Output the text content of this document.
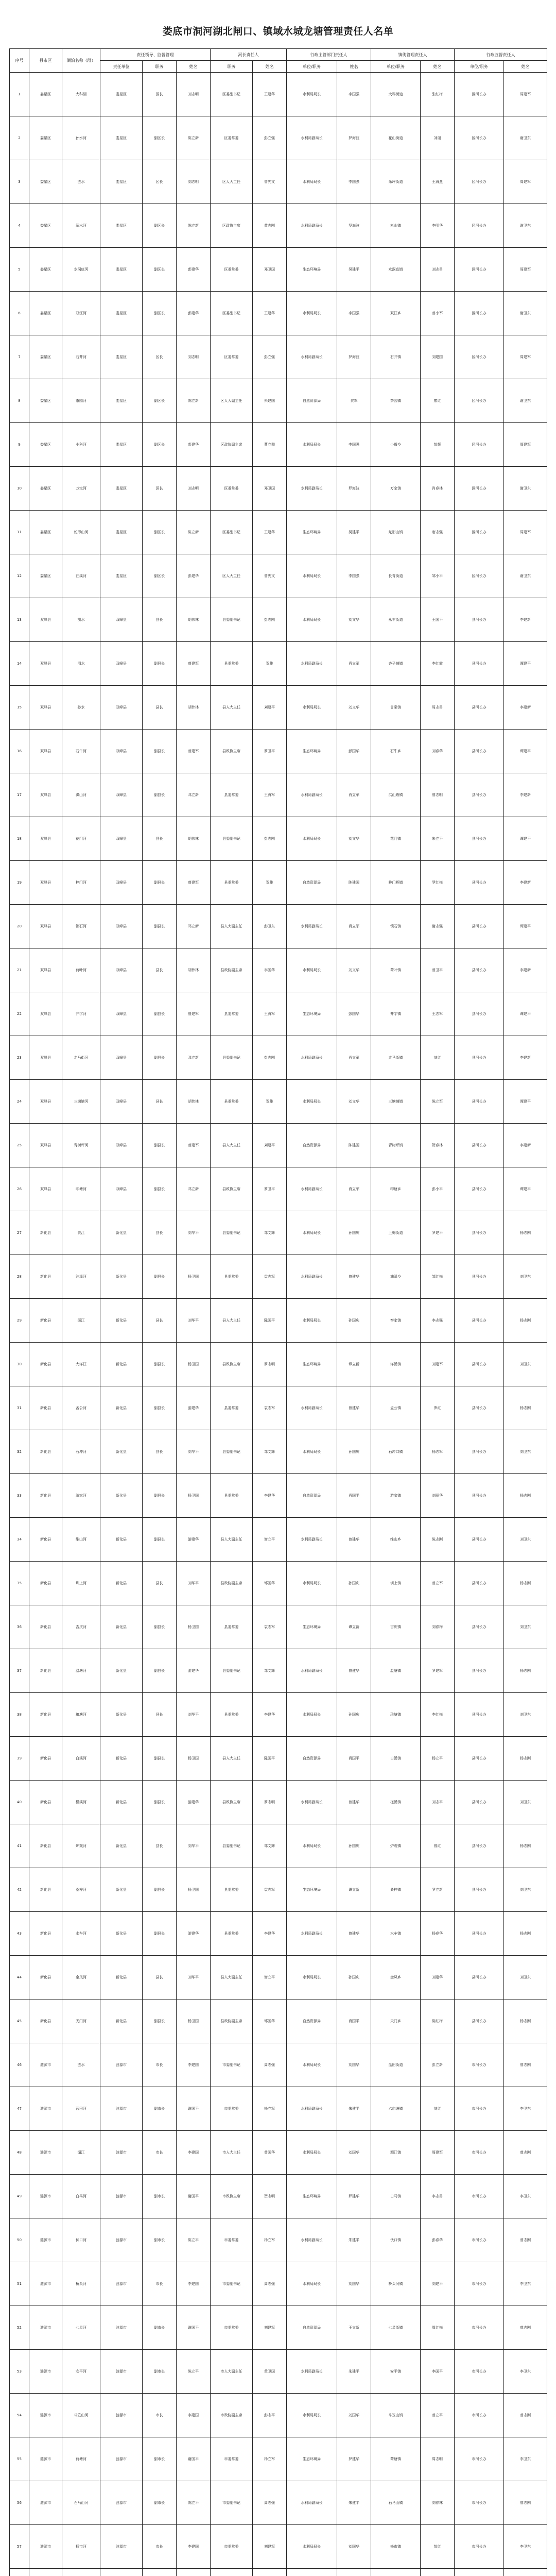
娄底市洞河湖北闸口、镇域水城龙塘管理责任人名单
序号	县市区	湖泊名称（段）	责任领导、监督管理			河长责任人		行政主管部门责任人		镇街管理责任人		行政监督责任人	
			责任单位	职务	姓名	职务	姓名	单位/职务	姓名	单位/职务	姓名	单位/职务	姓名
1	娄星区	大科湖	娄星区	区长	刘志明	区委副书记	王建华	水利局局长	李国强	大科街道	张红梅	区河长办	周建军
2	娄星区	孙水河	娄星区	副区长	陈立新	区委常委	彭立强	水利局副局长	罗海波	花山街道	刘丽	区河长办	谢卫东
3	娄星区	涟水	娄星区	区长	刘志明	区人大主任	曾宪文	水利局局长	李国强	乐坪街道	王海燕	区河长办	周建军
4	娄星区	湄水河	娄星区	副区长	陈立新	区政协主席	黄志刚	水利局副局长	罗海波	杉山镇	李明华	区河长办	谢卫东
5	娄星区	水洞底河	娄星区	副区长	彭建华	区委常委	邓卫国	生态环境局	吴建平	水洞底镇	刘志勇	区河长办	周建军
6	娄星区	双江河	娄星区	副区长	彭建华	区委副书记	王建华	水利局局长	李国强	双江乡	曾小军	区河长办	谢卫东
7	娄星区	石井河	娄星区	区长	刘志明	区委常委	彭立强	水利局副局长	罗海波	石井镇	刘建国	区河长办	周建军
8	娄星区	茶园河	娄星区	副区长	陈立新	区人大副主任	朱建国	自然资源局	贺军	茶园镇	廖红	区河长办	谢卫东
9	娄星区	小科河	娄星区	副区长	彭建华	区政协副主席	曹立群	水利局局长	李国强	小碧乡	彭辉	区河长办	周建军
10	娄星区	万宝河	娄星区	区长	刘志明	区委常委	邓卫国	水利局副局长	罗海波	万宝镇	肖春林	区河长办	谢卫东
11	娄星区	蛇形山河	娄星区	副区长	陈立新	区委副书记	王建华	生态环境局	吴建平	蛇形山镇	唐志强	区河长办	周建军
12	娄星区	油溪河	娄星区	副区长	彭建华	区人大主任	曾宪文	水利局局长	李国强	长青街道	邹小平	区河长办	谢卫东
13	双峰县	测水	双峰县	县长	胡伟林	县委副书记	彭志刚	水利局局长	刘文华	永丰街道	王国平	县河长办	李建新
14	双峰县	涓水	双峰县	副县长	曾建军	县委常委	贺雄	水利局副局长	肖立军	杏子铺镇	李红霞	县河长办	谭建平
15	双峰县	孙水	双峰县	县长	胡伟林	县人大主任	刘建平	水利局局长	刘文华	甘棠镇	周志勇	县河长办	李建新
16	双峰县	石牛河	双峰县	副县长	曾建军	县政协主席	罗卫平	生态环境局	彭国华	石牛乡	刘春华	县河长办	谭建平
17	双峰县	洪山河	双峰县	副县长	邓立新	县委常委	王海军	水利局副局长	肖立军	洪山殿镇	曾志明	县河长办	李建新
18	双峰县	花门河	双峰县	县长	胡伟林	县委副书记	彭志刚	水利局局长	刘文华	花门镇	朱立平	县河长办	谭建平
19	双峰县	梓门河	双峰县	副县长	曾建军	县委常委	贺雄	自然资源局	陈建国	梓门桥镇	罗红梅	县河长办	李建新
20	双峰县	锁石河	双峰县	副县长	邓立新	县人大副主任	彭卫东	水利局副局长	肖立军	锁石镇	谢志强	县河长办	谭建平
21	双峰县	荷叶河	双峰县	县长	胡伟林	县政协副主席	李国华	水利局局长	刘文华	荷叶镇	曾卫平	县河长办	李建新
22	双峰县	井字河	双峰县	副县长	曾建军	县委常委	王海军	生态环境局	彭国华	井字镇	王志军	县河长办	谭建平
23	双峰县	走马街河	双峰县	副县长	邓立新	县委副书记	彭志刚	水利局副局长	肖立军	走马街镇	刘红	县河长办	李建新
24	双峰县	三塘铺河	双峰县	县长	胡伟林	县委常委	贺雄	水利局局长	刘文华	三塘铺镇	陈立军	县河长办	谭建平
25	双峰县	青树坪河	双峰县	副县长	曾建军	县人大主任	刘建平	自然资源局	陈建国	青树坪镇	贺春林	县河长办	李建新
26	双峰县	印塘河	双峰县	副县长	邓立新	县政协主席	罗卫平	水利局副局长	肖立军	印塘乡	彭小平	县河长办	谭建平
27	新化县	资江	新化县	县长	刘华平	县委副书记	邹文辉	水利局局长	孙国庆	上梅街道	罗建平	县河长办	杨志刚
28	新化县	油溪河	新化县	副县长	杨卫国	县委常委	袁志军	水利局副局长	曾建华	油溪乡	邹红梅	县河长办	刘卫东
29	新化县	渠江	新化县	县长	刘华平	县人大主任	陈国平	水利局局长	孙国庆	奉家镇	李志强	县河长办	杨志刚
30	新化县	大洋江	新化县	副县长	杨卫国	县政协主席	罗志明	生态环境局	谭立新	洋溪镇	刘建军	县河长办	刘卫东
31	新化县	孟公河	新化县	副县长	游建华	县委常委	袁志军	水利局副局长	曾建华	孟公镇	罗红	县河长办	杨志刚
32	新化县	石冲河	新化县	县长	刘华平	县委副书记	邹文辉	水利局局长	孙国庆	石冲口镇	杨志军	县河长办	刘卫东
33	新化县	游家河	新化县	副县长	杨卫国	县委常委	李建华	自然资源局	肖国平	游家镇	刘丽华	县河长办	杨志刚
34	新化县	维山河	新化县	副县长	游建华	县人大副主任	谢立平	水利局副局长	曾建华	维山乡	陈志刚	县河长办	刘卫东
35	新化县	圳上河	新化县	县长	刘华平	县政协副主席	邹国华	水利局局长	孙国庆	圳上镇	曾立军	县河长办	杨志刚
36	新化县	吉庆河	新化县	副县长	杨卫国	县委常委	袁志军	生态环境局	谭立新	吉庆镇	刘春梅	县河长办	刘卫东
37	新化县	温塘河	新化县	副县长	游建华	县委副书记	邹文辉	水利局副局长	曾建华	温塘镇	罗建军	县河长办	杨志刚
38	新化县	琅塘河	新化县	县长	刘华平	县委常委	李建华	水利局局长	孙国庆	琅塘镇	李红梅	县河长办	刘卫东
39	新化县	白溪河	新化县	副县长	杨卫国	县人大主任	陈国平	自然资源局	肖国平	白溪镇	杨立平	县河长办	杨志刚
40	新化县	槎溪河	新化县	副县长	游建华	县政协主席	罗志明	水利局副局长	曾建华	槎溪镇	刘志平	县河长办	刘卫东
41	新化县	炉观河	新化县	县长	刘华平	县委副书记	邹文辉	水利局局长	孙国庆	炉观镇	曾红	县河长办	杨志刚
42	新化县	桑梓河	新化县	副县长	杨卫国	县委常委	袁志军	生态环境局	谭立新	桑梓镇	罗立新	县河长办	刘卫东
43	新化县	水车河	新化县	副县长	游建华	县委常委	李建华	水利局副局长	曾建华	水车镇	杨春华	县河长办	杨志刚
44	新化县	金凤河	新化县	县长	刘华平	县人大副主任	谢立平	水利局局长	孙国庆	金凤乡	刘建华	县河长办	刘卫东
45	新化县	天门河	新化县	副县长	杨卫国	县政协副主席	邹国华	自然资源局	肖国平	天门乡	陈红梅	县河长办	杨志刚
46	涟源市	涟水	涟源市	市长	李建国	市委副书记	周志强	水利局局长	刘国华	蓝田街道	彭立新	市河长办	曾志刚
47	涟源市	蓝田河	涟源市	副市长	谢国平	市委常委	杨立军	水利局副局长	朱建平	六亩塘镇	刘红	市河长办	李卫东
48	涟源市	湄江	涟源市	市长	李建国	市人大主任	曾国华	水利局局长	刘国华	湄江镇	周建军	市河长办	曾志刚
49	涟源市	白马河	涟源市	副市长	谢国平	市政协主席	贺志明	生态环境局	罗建华	白马镇	李志勇	市河长办	李卫东
50	涟源市	伏口河	涟源市	副市长	陈立平	市委常委	杨立军	水利局副局长	朱建平	伏口镇	彭春华	市河长办	曾志刚
51	涟源市	桥头河	涟源市	市长	李建国	市委副书记	周志强	水利局局长	刘国华	桥头河镇	刘建平	市河长办	李卫东
52	涟源市	七星河	涟源市	副市长	谢国平	市委常委	刘建军	自然资源局	王立新	七星街镇	周红梅	市河长办	曾志刚
53	涟源市	安平河	涟源市	副市长	陈立平	市人大副主任	黄卫国	水利局副局长	朱建平	安平镇	李国平	市河长办	李卫东
54	涟源市	斗笠山河	涟源市	市长	李建国	市政协副主席	彭志平	水利局局长	刘国华	斗笠山镇	曾立平	市河长办	曾志刚
55	涟源市	荷塘河	涟源市	副市长	谢国平	市委常委	杨立军	生态环境局	罗建华	荷塘镇	周志明	市河长办	李卫东
56	涟源市	石马山河	涟源市	副市长	陈立平	市委副书记	周志强	水利局副局长	朱建平	石马山镇	刘春林	市河长办	曾志刚
57	涟源市	杨市河	涟源市	市长	李建国	市委常委	刘建军	水利局局长	刘国华	杨市镇	彭红	市河长办	李卫东
